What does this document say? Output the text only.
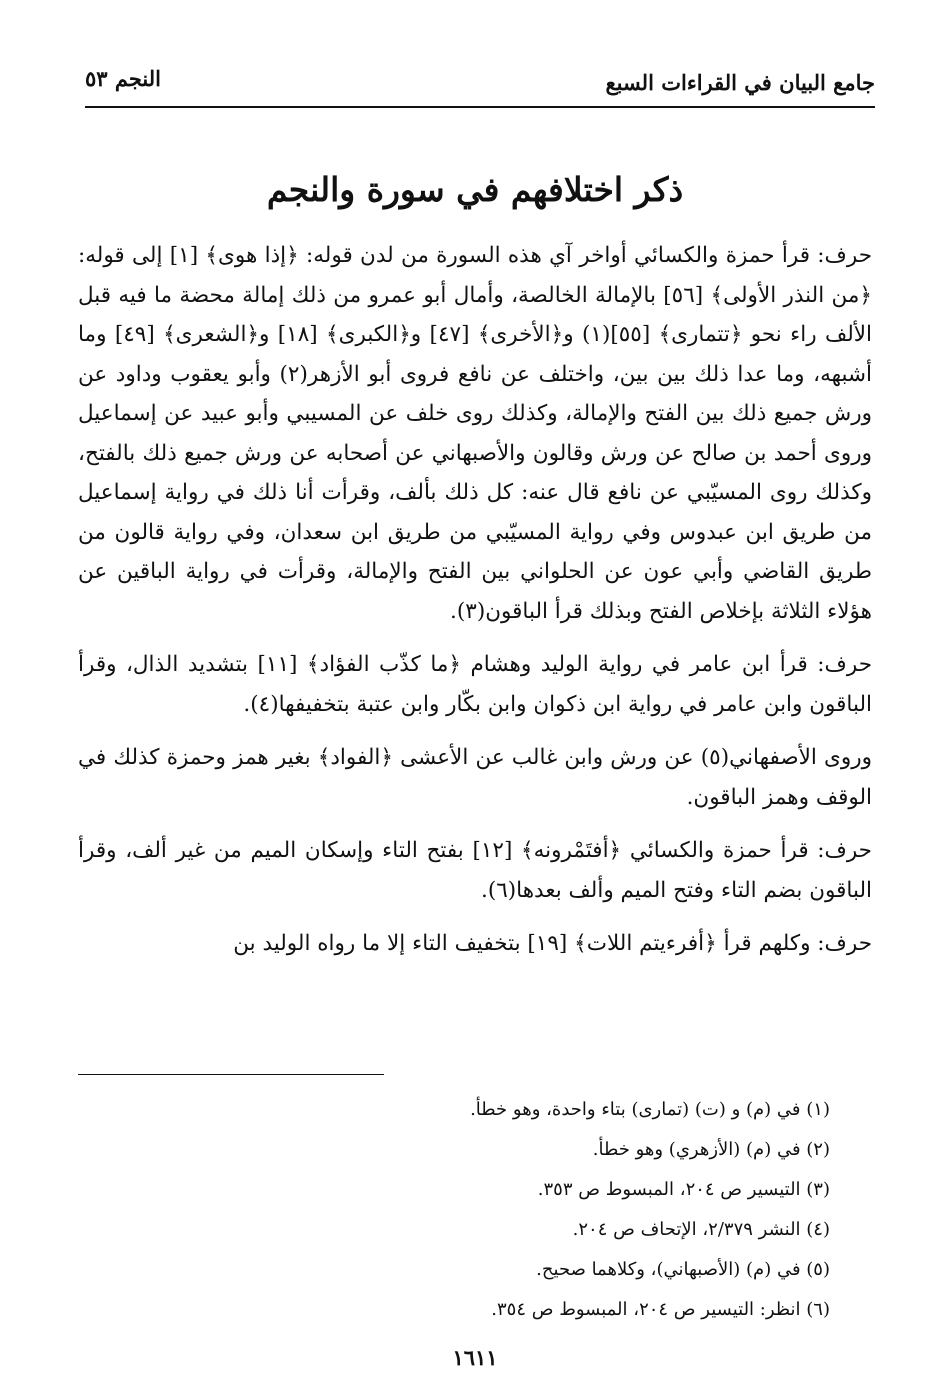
جامع البيان في القراءات السبع
النجم ٥٣
ذكر اختلافهم في سورة والنجم

حرف: قرأ حمزة والكسائي أواخر آي هذه السورة من لدن قوله: ﴿إذا هوى﴾ [١] إلى قوله: ﴿من النذر الأولى﴾ [٥٦] بالإمالة الخالصة، وأمال أبو عمرو من ذلك إمالة محضة ما فيه قبل الألف راء نحو ﴿تتمارى﴾ [٥٥](١) و﴿الأخرى﴾ [٤٧] و﴿الكبرى﴾ [١٨] و﴿الشعرى﴾ [٤٩] وما أشبهه، وما عدا ذلك بين بين، واختلف عن نافع فروى أبو الأزهر(٢) وأبو يعقوب وداود عن ورش جميع ذلك بين الفتح والإمالة، وكذلك روى خلف عن المسيبي وأبو عبيد عن إسماعيل وروى أحمد بن صالح عن ورش وقالون والأصبهاني عن أصحابه عن ورش جميع ذلك بالفتح، وكذلك روى المسيّبي عن نافع قال عنه: كل ذلك بألف، وقرأت أنا ذلك في رواية إسماعيل من طريق ابن عبدوس وفي رواية المسيّبي من طريق ابن سعدان، وفي رواية قالون من طريق القاضي وأبي عون عن الحلواني بين الفتح والإمالة، وقرأت في رواية الباقين عن هؤلاء الثلاثة بإخلاص الفتح وبذلك قرأ الباقون(٣).

حرف: قرأ ابن عامر في رواية الوليد وهشام ﴿ما كذّب الفؤاد﴾ [١١] بتشديد الذال، وقرأ الباقون وابن عامر في رواية ابن ذكوان وابن بكّار وابن عتبة بتخفيفها(٤).

وروى الأصفهاني(٥) عن ورش وابن غالب عن الأعشى ﴿الفواد﴾ بغير همز وحمزة كذلك في الوقف وهمز الباقون.

حرف: قرأ حمزة والكسائي ﴿أفتَمْرونه﴾ [١٢] بفتح التاء وإسكان الميم من غير ألف، وقرأ الباقون بضم التاء وفتح الميم وألف بعدها(٦).

حرف: وكلهم قرأ ﴿أفرءيتم اللات﴾ [١٩] بتخفيف التاء إلا ما رواه الوليد بن

(١) في (م) و (ت) (تمارى) بتاء واحدة، وهو خطأ.

(٢) في (م) (الأزهري) وهو خطأ.

(٣) التيسير ص ٢٠٤، المبسوط ص ٣٥٣.

(٤) النشر ٢/٣٧٩، الإتحاف ص ٢٠٤.

(٥) في (م) (الأصبهاني)، وكلاهما صحيح.

(٦) انظر: التيسير ص ٢٠٤، المبسوط ص ٣٥٤.

١٦١١
